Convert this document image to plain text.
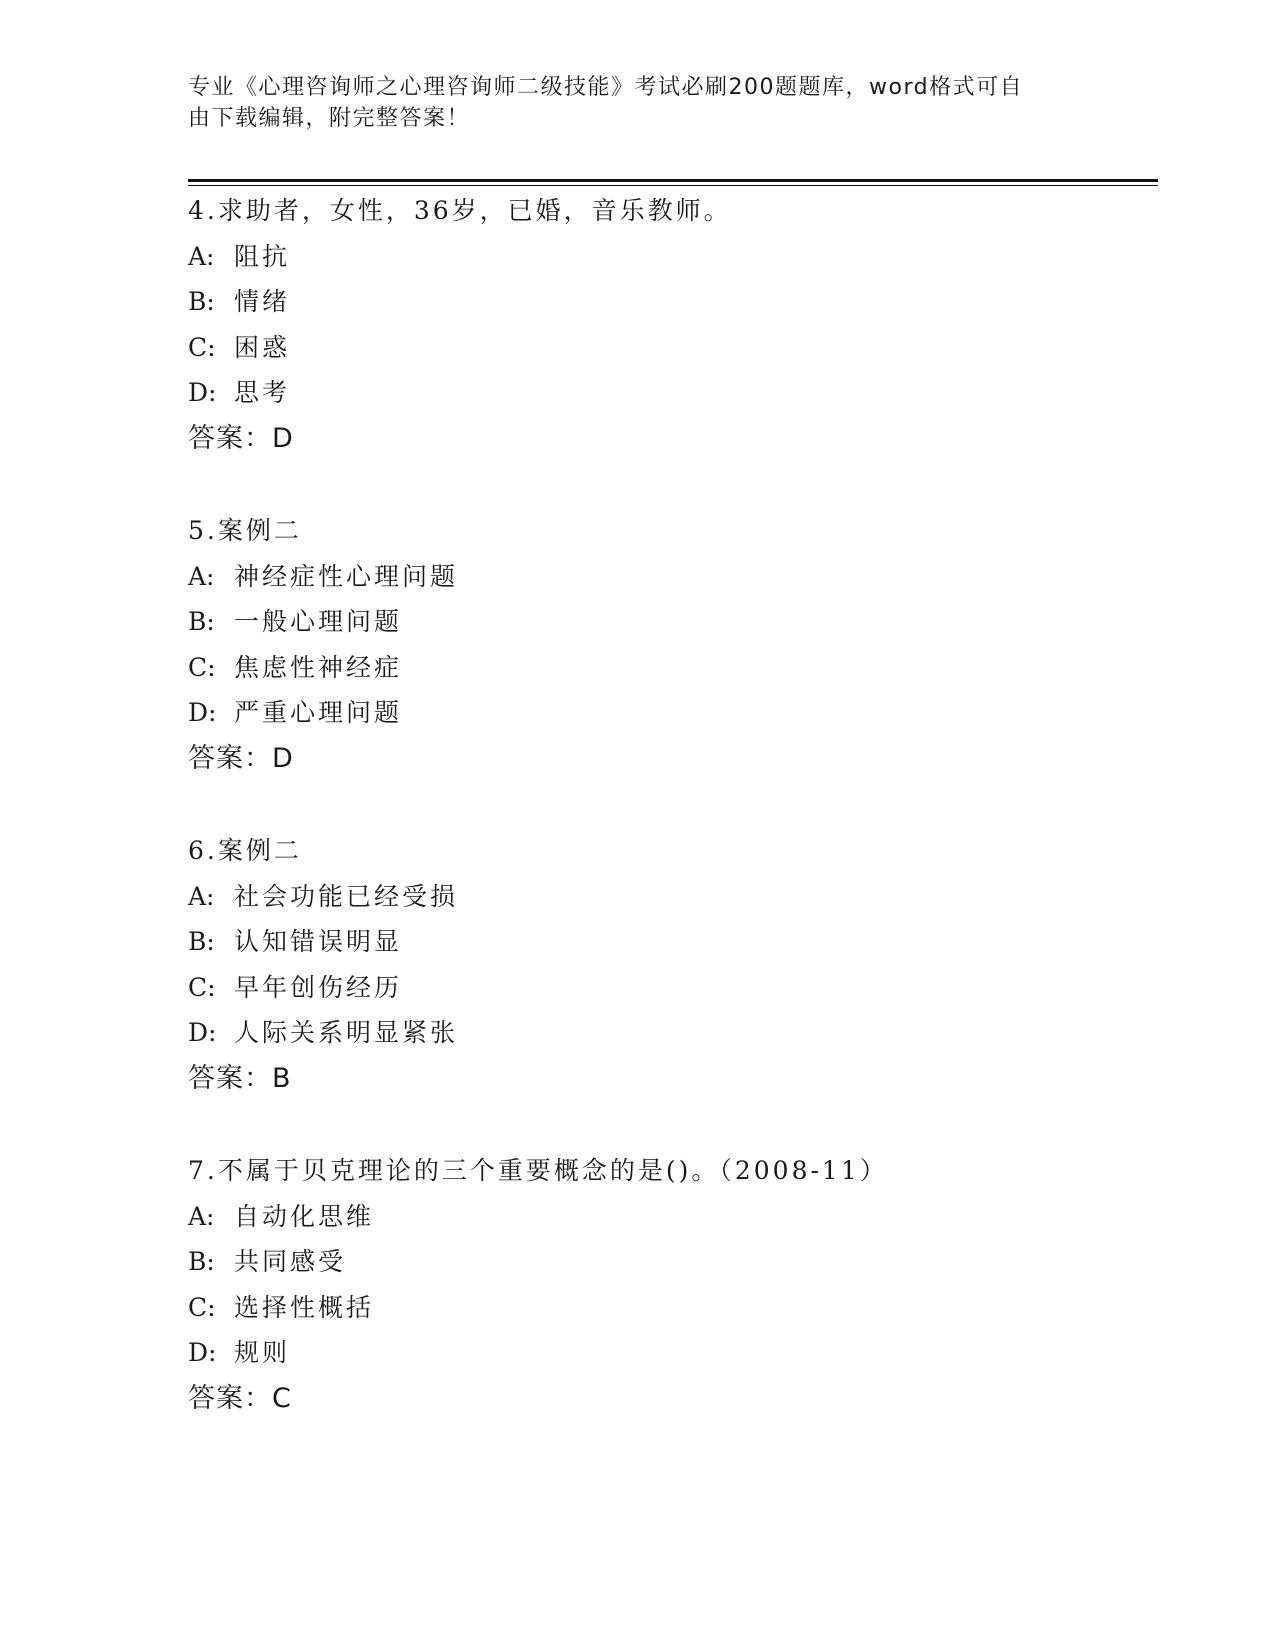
专业《心理咨询师之心理咨询师二级技能》考试必刷200题题库，word格式可自
由下载编辑，附完整答案！
4.求助者，女性，36岁，已婚，音乐教师。
A: 阻抗
B: 情绪
C: 困惑
D: 思考
答案：D
5.案例二
A: 神经症性心理问题
B: 一般心理问题
C: 焦虑性神经症
D: 严重心理问题
答案：D
6.案例二
A: 社会功能已经受损
B: 认知错误明显
C: 早年创伤经历
D: 人际关系明显紧张
答案：B
7.不属于贝克理论的三个重要概念的是()。（2008-11）
A: 自动化思维
B: 共同感受
C: 选择性概括
D: 规则
答案：C
